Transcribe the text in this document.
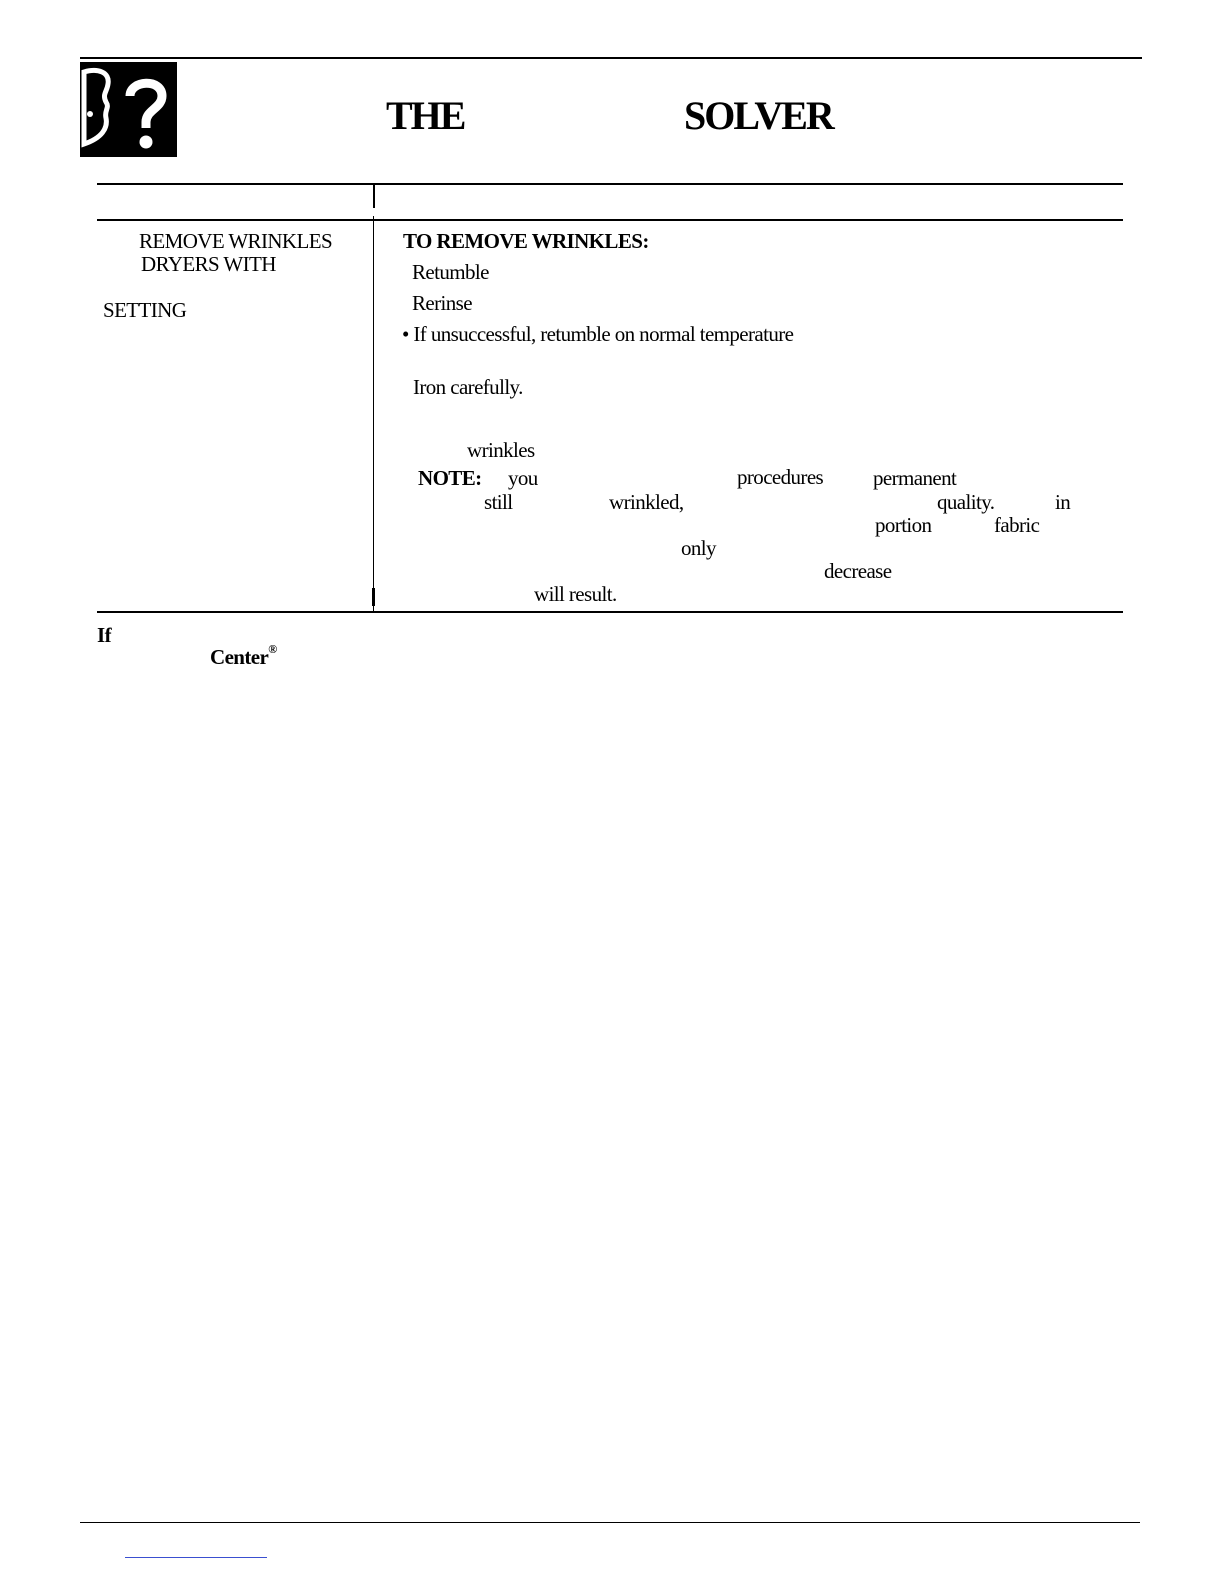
THE	SOLVER
REMOVE WRINKLES
DRYERS WITH
SETTING
TO REMOVE WRINKLES:
Retumble
Rerinse
• If unsuccessful, retumble on normal temperature
Iron carefully.
wrinkles
NOTE: you	procedures permanent
still	wrinkled,	quality.	in
portion	fabric
only
decrease
will result.
If
Center®
